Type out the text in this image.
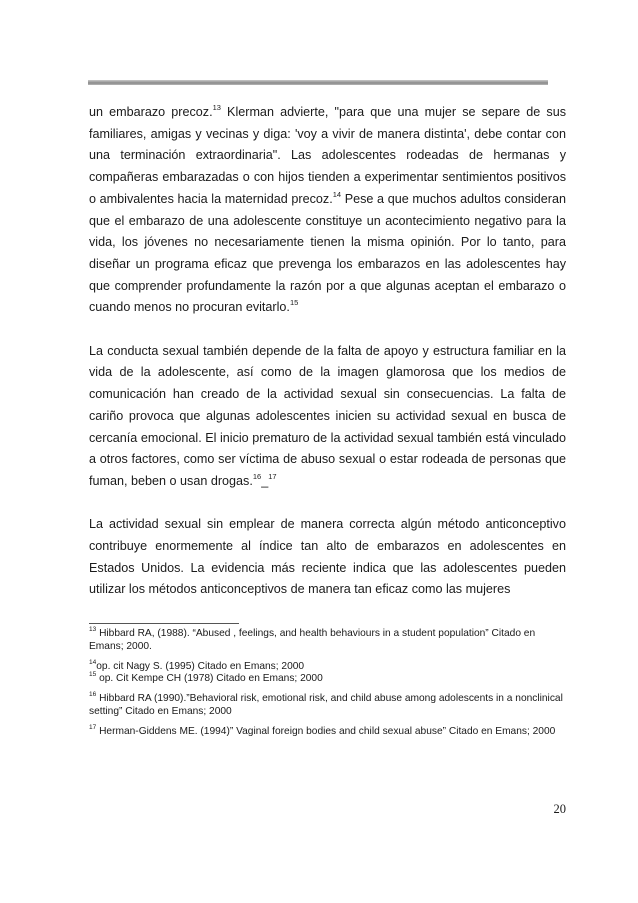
un embarazo precoz.$^{13}$ Klerman advierte, "para que una mujer se separe de sus familiares, amigas y vecinas y diga: 'voy a vivir de manera distinta', debe contar con una terminación extraordinaria". Las adolescentes rodeadas de hermanas y compañeras embarazadas o con hijos tienden a experimentar sentimientos positivos o ambivalentes hacia la maternidad precoz.$^{14}$ Pese a que muchos adultos consideran que el embarazo de una adolescente constituye un acontecimiento negativo para la vida, los jóvenes no necesariamente tienen la misma opinión. Por lo tanto, para diseñar un programa eficaz que prevenga los embarazos en las adolescentes hay que comprender profundamente la razón por a que algunas aceptan el embarazo o cuando menos no procuran evitarlo.$^{15}$

La conducta sexual también depende de la falta de apoyo y estructura familiar en la vida de la adolescente, así como de la imagen glamorosa que los medios de comunicación han creado de la actividad sexual sin consecuencias. La falta de cariño provoca que algunas adolescentes inicien su actividad sexual en busca de cercanía emocional. El inicio prematuro de la actividad sexual también está vinculado a otros factores, como ser víctima de abuso sexual o estar rodeada de personas que fuman, beben o usan drogas.$^{16}$_$^{17}$

La actividad sexual sin emplear de manera correcta algún método anticonceptivo contribuye enormemente al índice tan alto de embarazos en adolescentes en Estados Unidos. La evidencia más reciente indica que las adolescentes pueden utilizar los métodos anticonceptivos de manera tan eficaz como las mujeres

$^{13}$ Hibbard RA, (1988). “Abused , feelings, and health behaviours in a student population” Citado en Emans; 2000.
$^{14}$op. cit Nagy S. (1995) Citado en Emans; 2000
$^{15}$ op. Cit Kempe CH (1978) Citado en Emans; 2000
$^{16}$ Hibbard RA (1990).”Behavioral risk, emotional risk, and child abuse among adolescents in a nonclinical setting” Citado en Emans; 2000
$^{17}$ Herman-Giddens ME. (1994)” Vaginal foreign bodies and child sexual abuse” Citado en Emans; 2000
20
